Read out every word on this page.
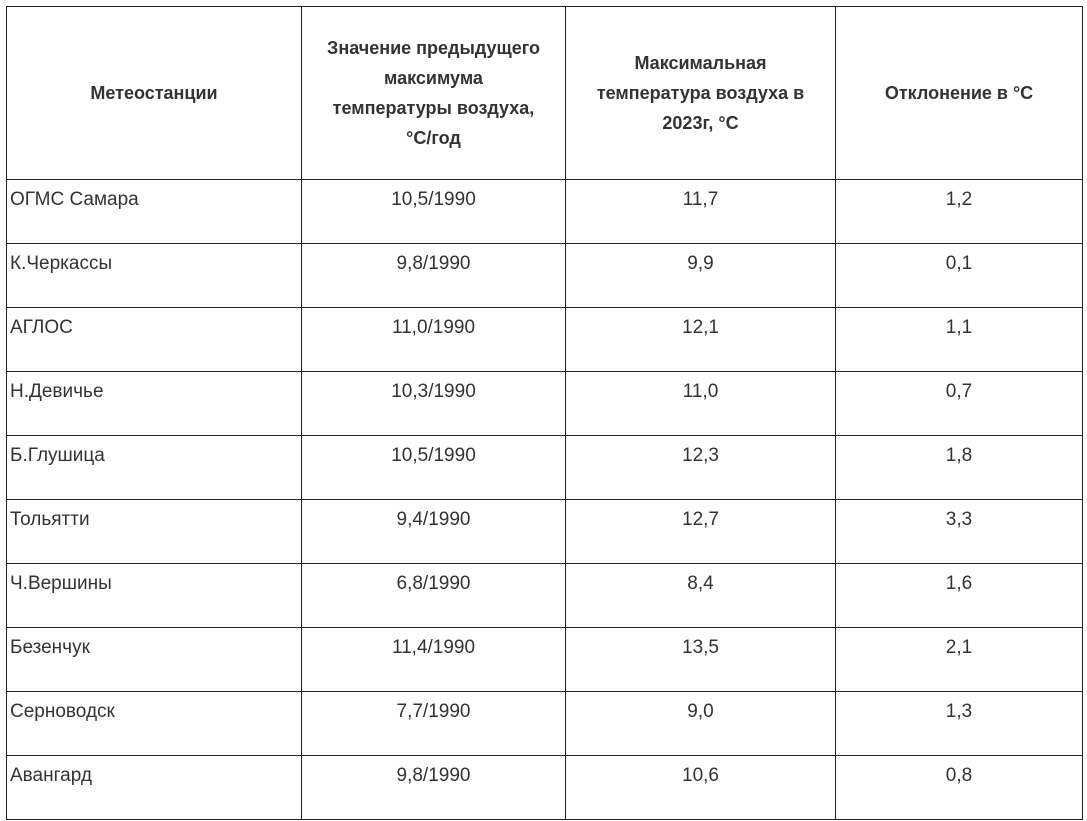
Метеостанции	Значение предыдущего
максимума
температуры воздуха,
°С/год	Максимальная
температура воздуха в
2023г, °С	Отклонение в °С

ОГМС Самара	10,5/1990	11,7	1,2

К.Черкассы	9,8/1990	9,9	0,1

АГЛОС	11,0/1990	12,1	1,1

Н.Девичье	10,3/1990	11,0	0,7

Б.Глушица	10,5/1990	12,3	1,8

Тольятти	9,4/1990	12,7	3,3

Ч.Вершины	6,8/1990	8,4	1,6

Безенчук	11,4/1990	13,5	2,1

Серноводск	7,7/1990	9,0	1,3

Авангард	9,8/1990	10,6	0,8
